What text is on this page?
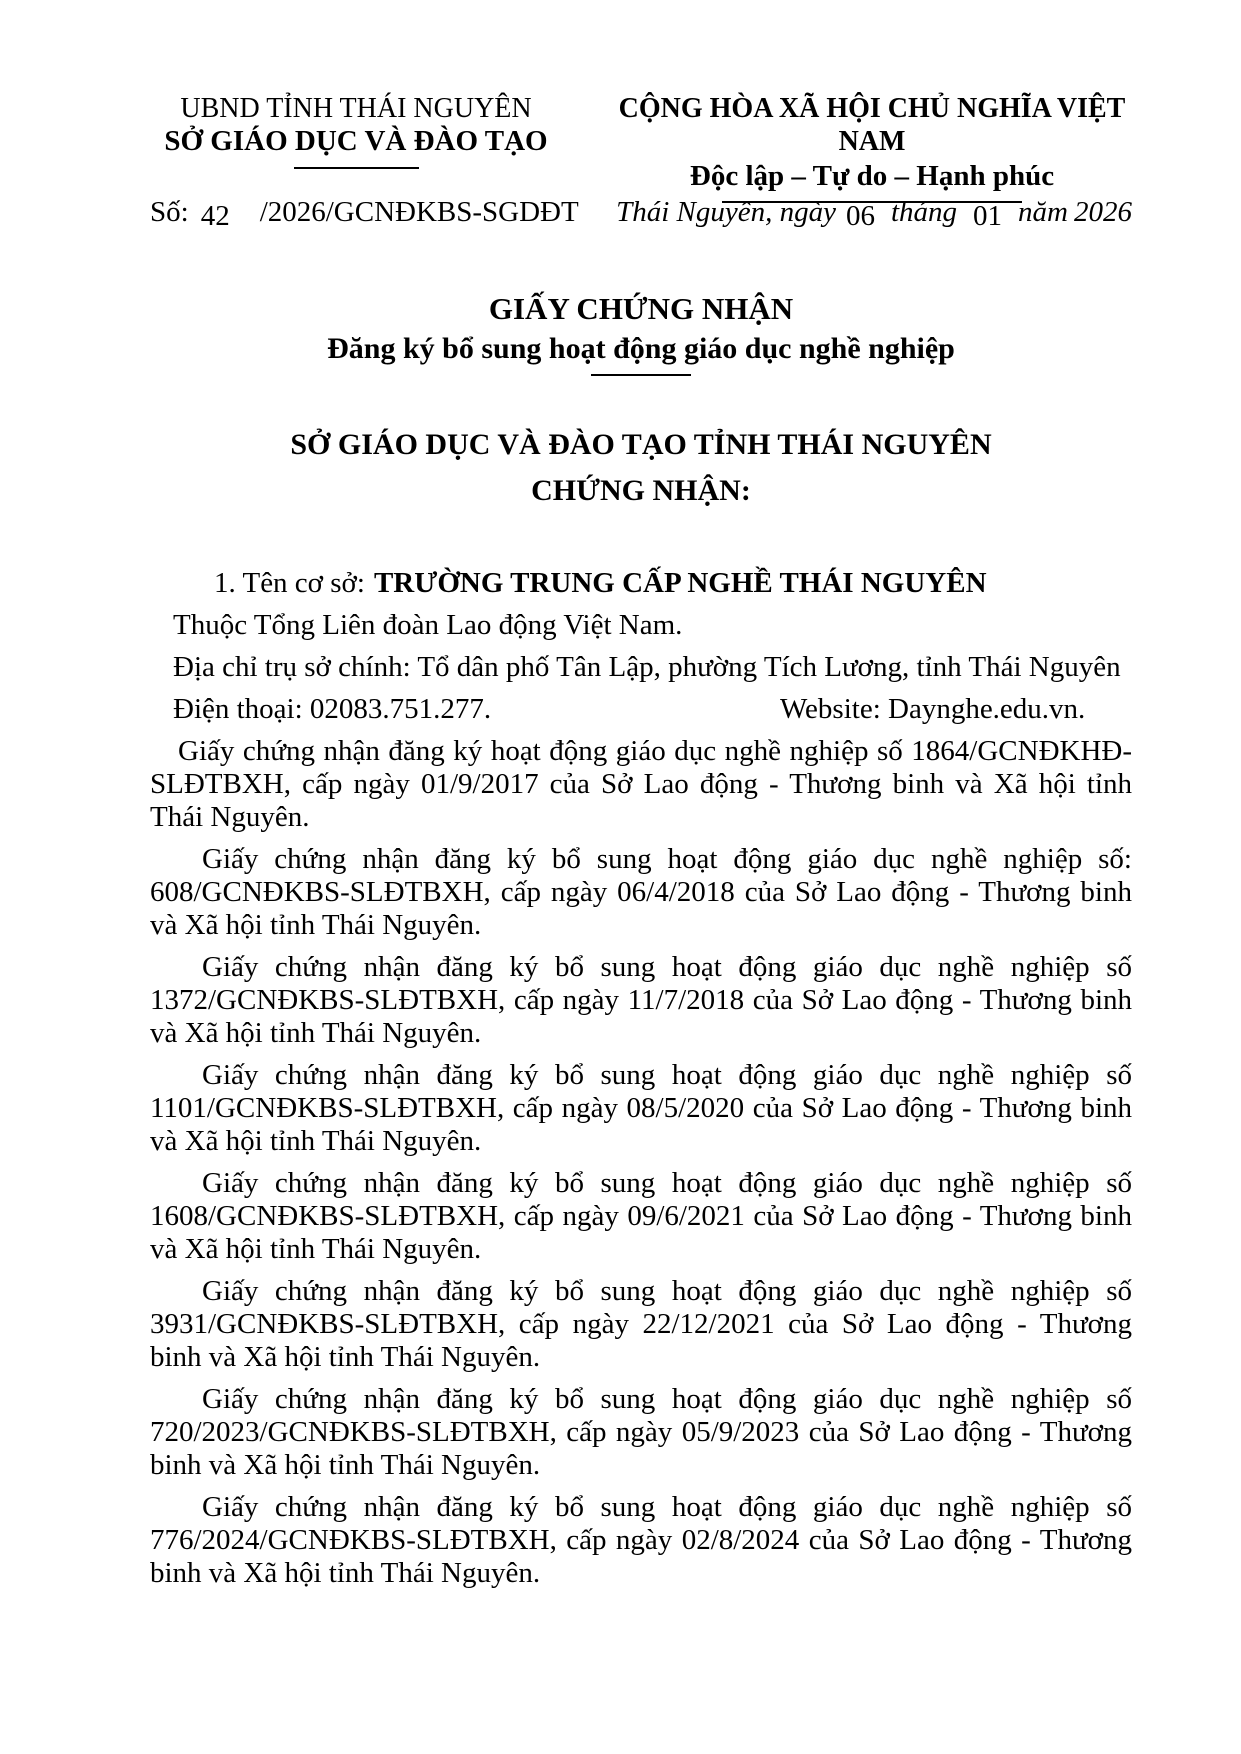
UBND TỈNH THÁI NGUYÊN
SỞ GIÁO DỤC VÀ ĐÀO TẠO
CỘNG HÒA XÃ HỘI CHỦ NGHĨA VIỆT NAM
Độc lập – Tự do – Hạnh phúc
Số: 42 /2026/GCNĐKBS-SGDĐT Thái Nguyên, ngày 06 tháng 01 năm 2026
GIẤY CHỨNG NHẬN
Đăng ký bổ sung hoạt động giáo dục nghề nghiệp
SỞ GIÁO DỤC VÀ ĐÀO TẠO TỈNH THÁI NGUYÊN
CHỨNG NHẬN:

1. Tên cơ sở: TRƯỜNG TRUNG CẤP NGHỀ THÁI NGUYÊN

Thuộc Tổng Liên đoàn Lao động Việt Nam.

Địa chỉ trụ sở chính: Tổ dân phố Tân Lập, phường Tích Lương, tỉnh Thái Nguyên

Điện thoại: 02083.751.277.	Website: Daynghe.edu.vn.

Giấy chứng nhận đăng ký hoạt động giáo dục nghề nghiệp số 1864/GCNĐKHĐ-SLĐTBXH, cấp ngày 01/9/2017 của Sở Lao động - Thương binh và Xã hội tỉnh Thái Nguyên.

Giấy chứng nhận đăng ký bổ sung hoạt động giáo dục nghề nghiệp số: 608/GCNĐKBS-SLĐTBXH, cấp ngày 06/4/2018 của Sở Lao động - Thương binh và Xã hội tỉnh Thái Nguyên.

Giấy chứng nhận đăng ký bổ sung hoạt động giáo dục nghề nghiệp số 1372/GCNĐKBS-SLĐTBXH, cấp ngày 11/7/2018 của Sở Lao động - Thương binh và Xã hội tỉnh Thái Nguyên.

Giấy chứng nhận đăng ký bổ sung hoạt động giáo dục nghề nghiệp số 1101/GCNĐKBS-SLĐTBXH, cấp ngày 08/5/2020 của Sở Lao động - Thương binh và Xã hội tỉnh Thái Nguyên.

Giấy chứng nhận đăng ký bổ sung hoạt động giáo dục nghề nghiệp số 1608/GCNĐKBS-SLĐTBXH, cấp ngày 09/6/2021 của Sở Lao động - Thương binh và Xã hội tỉnh Thái Nguyên.

Giấy chứng nhận đăng ký bổ sung hoạt động giáo dục nghề nghiệp số 3931/GCNĐKBS-SLĐTBXH, cấp ngày 22/12/2021 của Sở Lao động - Thương binh và Xã hội tỉnh Thái Nguyên.

Giấy chứng nhận đăng ký bổ sung hoạt động giáo dục nghề nghiệp số 720/2023/GCNĐKBS-SLĐTBXH, cấp ngày 05/9/2023 của Sở Lao động - Thương binh và Xã hội tỉnh Thái Nguyên.

Giấy chứng nhận đăng ký bổ sung hoạt động giáo dục nghề nghiệp số 776/2024/GCNĐKBS-SLĐTBXH, cấp ngày 02/8/2024 của Sở Lao động - Thương binh và Xã hội tỉnh Thái Nguyên.
